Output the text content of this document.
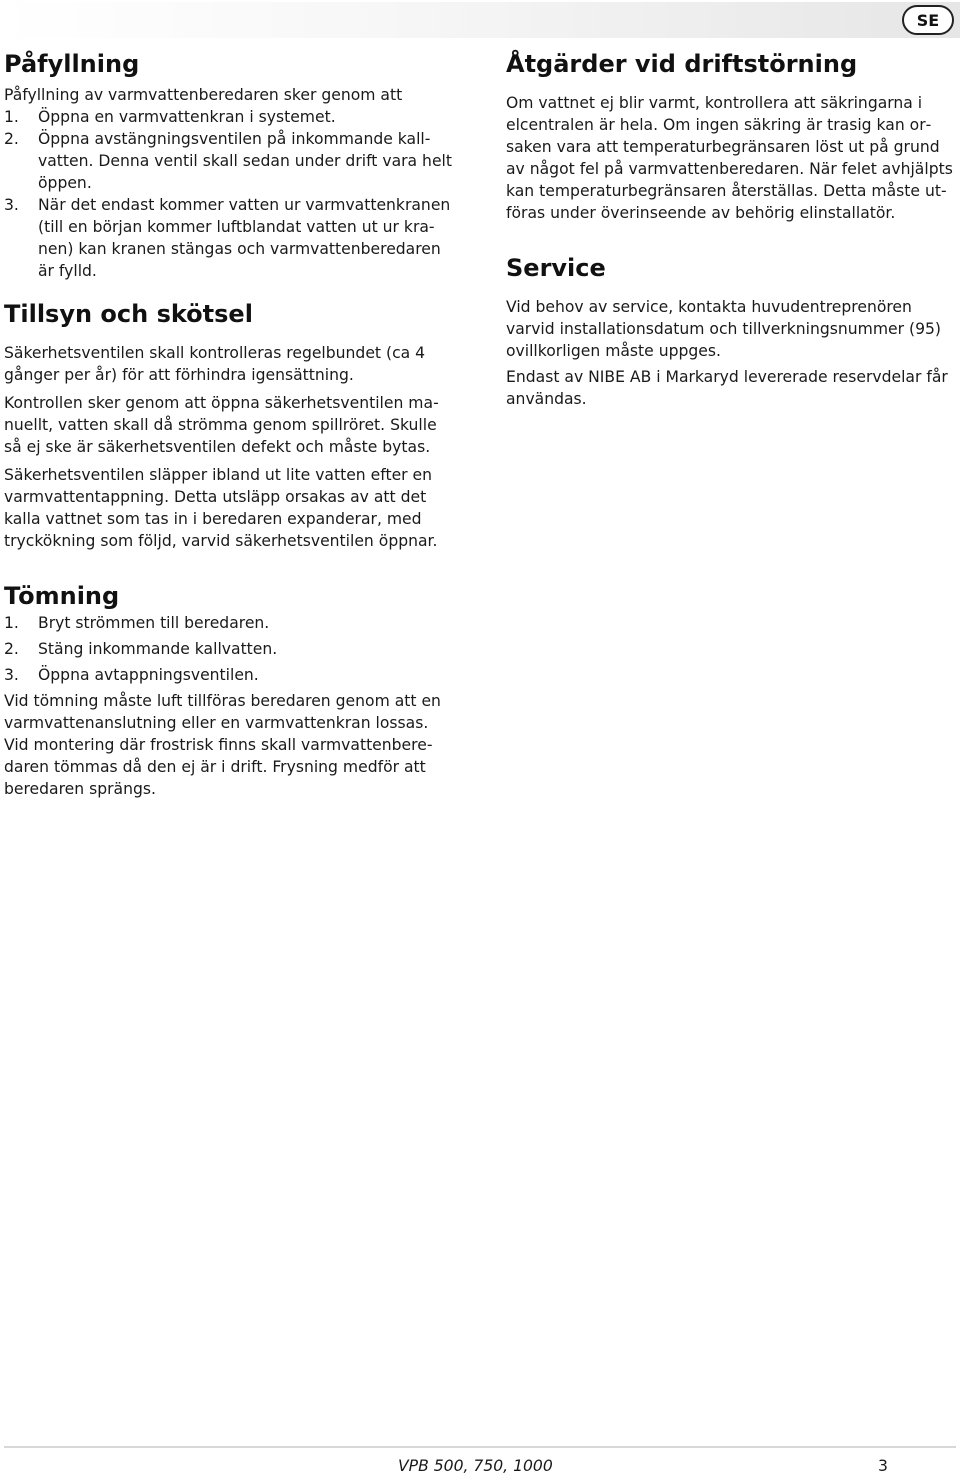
SE
Påfyllning

Påfyllning av varmvattenberedaren sker genom att

1. Öppna en varmvattenkran i systemet.
2. Öppna avstängningsventilen på inkommande kallvatten. Denna ventil skall sedan under drift vara helt öppen.
3. När det endast kommer vatten ur varmvattenkranen (till en början kommer luftblandat vatten ut ur kranen) kan kranen stängas och varmvattenberedaren är fylld.
Tillsyn och skötsel

Säkerhetsventilen skall kontrolleras regelbundet (ca 4 gånger per år) för att förhindra igensättning.

Kontrollen sker genom att öppna säkerhetsventilen manuellt, vatten skall då strömma genom spillröret. Skulle så ej ske är säkerhetsventilen defekt och måste bytas.

Säkerhetsventilen släpper ibland ut lite vatten efter en varmvattentappning. Detta utsläpp orsakas av att det kalla vattnet som tas in i beredaren expanderar, med tryckökning som följd, varvid säkerhetsventilen öppnar.

Tömning
1. Bryt strömmen till beredaren.
2. Stäng inkommande kallvatten.
3. Öppna avtappningsventilen.

Vid tömning måste luft tillföras beredaren genom att en varmvattenanslutning eller en varmvattenkran lossas. Vid montering där frostrisk finns skall varmvattenberedaren tömmas då den ej är i drift. Frysning medför att beredaren sprängs.

Åtgärder vid driftstörning

Om vattnet ej blir varmt, kontrollera att säkringarna i elcentralen är hela. Om ingen säkring är trasig kan orsaken vara att temperaturbegränsaren löst ut på grund av något fel på varmvattenberedaren. När felet avhjälpts kan temperaturbegränsaren återställas. Detta måste utföras under överinseende av behörig elinstallatör.

Service

Vid behov av service, kontakta huvudentreprenören varvid installationsdatum och tillverkningsnummer (95) ovillkorligen måste uppges.

Endast av NIBE AB i Markaryd levererade reservdelar får användas.

VPB 500, 750, 1000	3
